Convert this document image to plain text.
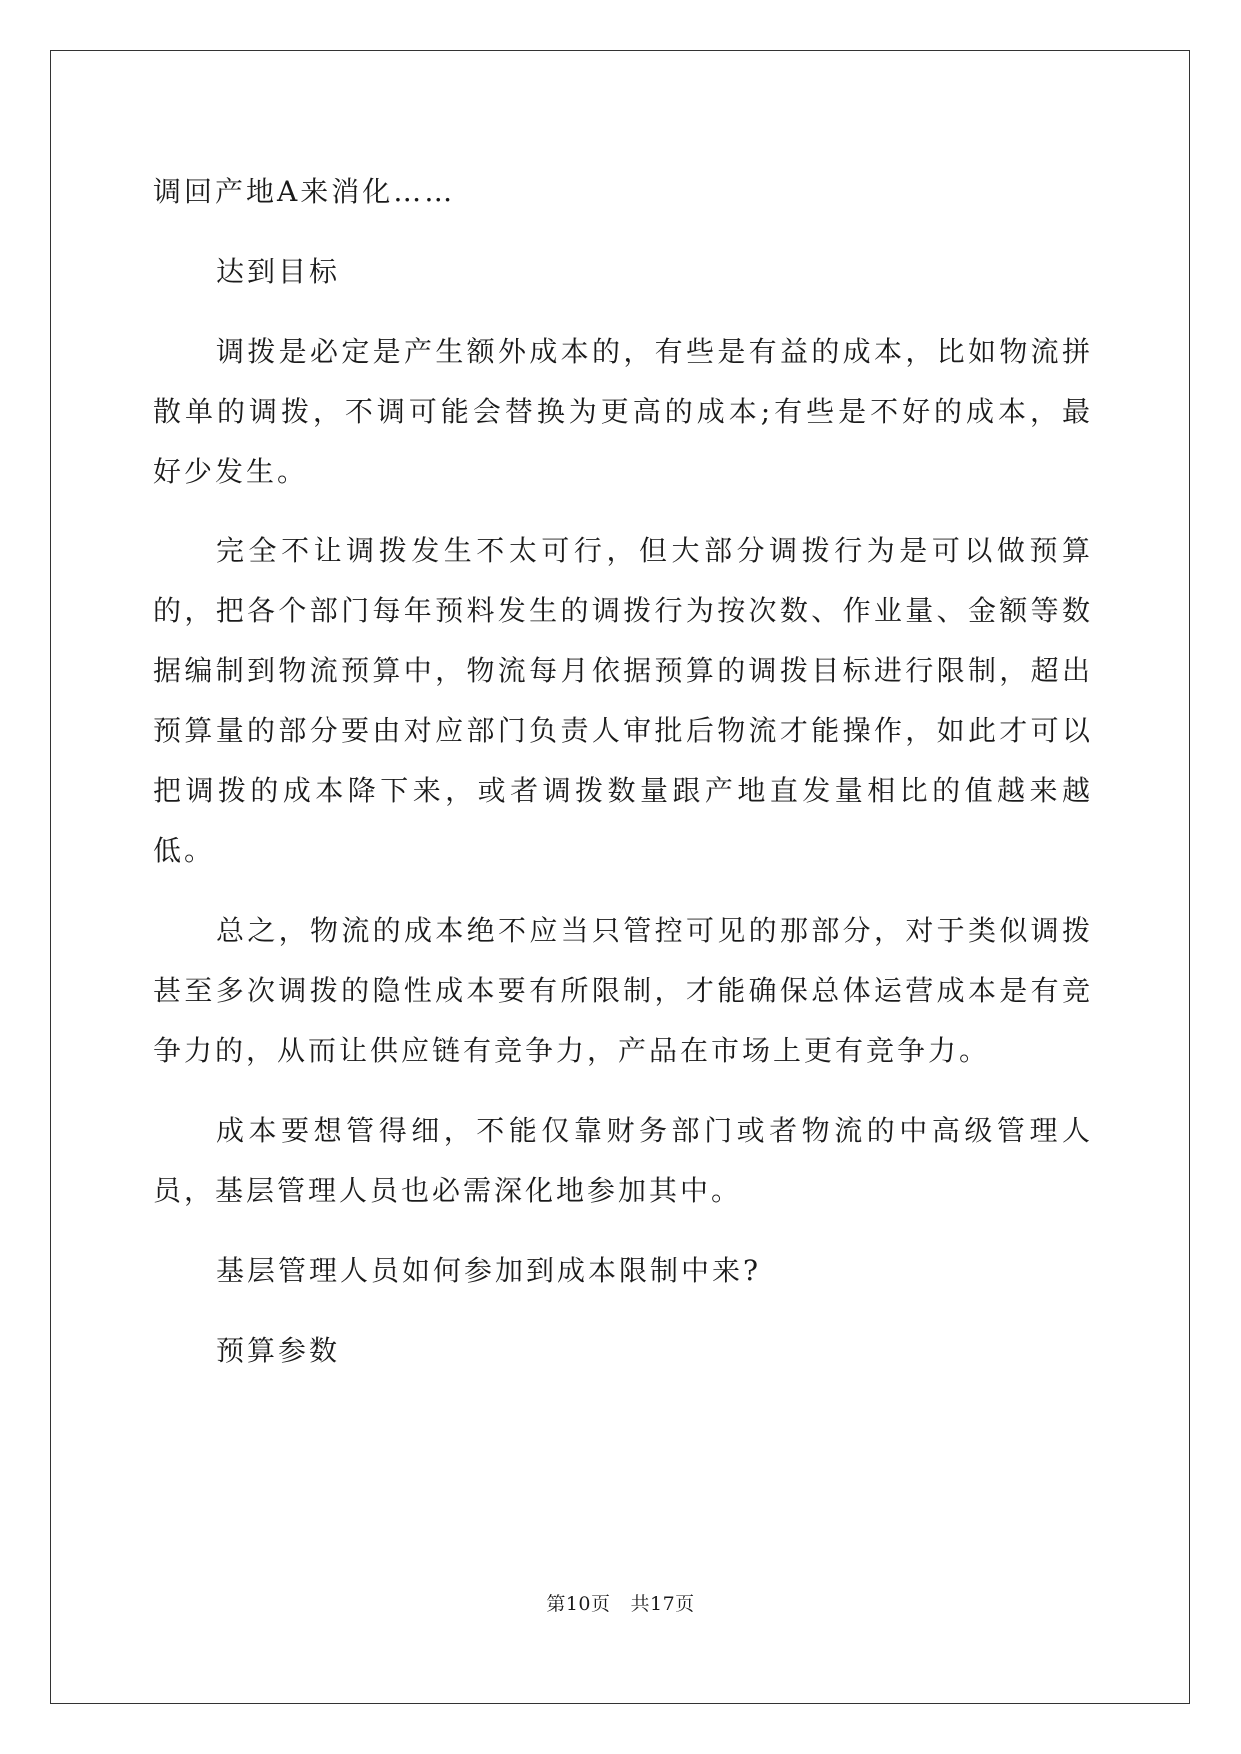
调回产地A来消化……

达到目标

调拨是必定是产生额外成本的，有些是有益的成本，比如物流拼散单的调拨，不调可能会替换为更高的成本;有些是不好的成本，最好少发生。

完全不让调拨发生不太可行，但大部分调拨行为是可以做预算的，把各个部门每年预料发生的调拨行为按次数、作业量、金额等数据编制到物流预算中，物流每月依据预算的调拨目标进行限制，超出预算量的部分要由对应部门负责人审批后物流才能操作，如此才可以把调拨的成本降下来，或者调拨数量跟产地直发量相比的值越来越低。

总之，物流的成本绝不应当只管控可见的那部分，对于类似调拨甚至多次调拨的隐性成本要有所限制，才能确保总体运营成本是有竞争力的，从而让供应链有竞争力，产品在市场上更有竞争力。

成本要想管得细，不能仅靠财务部门或者物流的中高级管理人员，基层管理人员也必需深化地参加其中。

基层管理人员如何参加到成本限制中来?

预算参数

第10页 共17页
